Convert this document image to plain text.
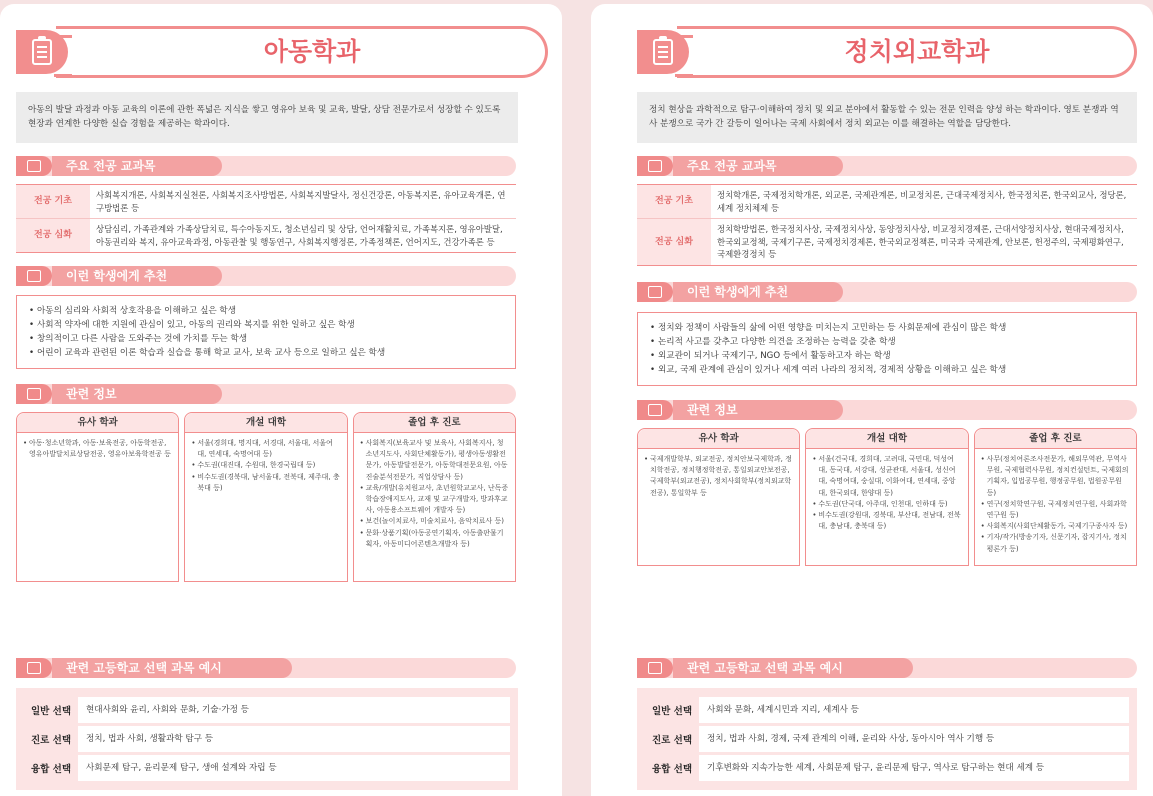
아동학과
아동의 발달 과정과 아동 교육의 이론에 관한 폭넓은 지식을 쌓고 영유아 보육 및 교육, 발달, 상담 전문가로서 성장할 수 있도록 현장과 연계한 다양한 실습 경험을 제공하는 학과이다.
주요 전공 교과목
전공 기초	사회복지개론, 사회복지실천론, 사회복지조사방법론, 사회복지발달사, 정신건강론, 아동복지론, 유아교육개론, 연구방법론 등
전공 심화	상담심리, 가족관계와 가족상담치료, 특수아동지도, 청소년심리 및 상담, 언어재활치료, 가족복지론, 영유아발달, 아동권리와 복지, 유아교육과정, 아동관찰 및 행동연구, 사회복지행정론, 가족정책론, 언어지도, 건강가족론 등
이런 학생에게 추천
• 아동의 심리와 사회적 상호작용을 이해하고 싶은 학생
• 사회적 약자에 대한 지원에 관심이 있고, 아동의 권리와 복지를 위한 일하고 싶은 학생
• 창의적이고 다른 사람을 도와주는 것에 가치를 두는 학생
• 어린이 교육과 관련된 이론 학습과 실습을 통해 학교 교사, 보육 교사 등으로 일하고 싶은 학생
관련 정보
유사 학과
• 아동·청소년학과, 아동·보육전공, 아동학전공, 영유아발달치료상담전공, 영유아보육학전공 등
개설 대학
• 서울(경희대, 명지대, 서경대, 서울대, 서울여대, 연세대, 숙명여대 등)
• 수도권(대진대, 수원대, 한경국립대 등)
• 비수도권(경북대, 남서울대, 전북대, 제주대, 충북대 등)
졸업 후 진로
• 사회복지(보육교사 및 보육사, 사회복지사, 청소년지도사, 사회단체활동가), 평생아동생활전문가, 아동발달전문가, 아동학대전문요원, 아동진술분석전문가, 직업상담사 등)
• 교육/개발(유치원교사, 초년원학교교사, 난독증학습장애지도사, 교재 및 교구개발자, 방과후교사, 아동용소프트웨어 개발자 등)
• 보건(놀이치료사, 미술치료사, 음악치료사 등)
• 문화·상품기획(아동공연기획자, 아동출판물기획자, 아동미디어콘텐츠개발자 등)
관련 고등학교 선택 과목 예시
일반 선택	현대사회와 윤리, 사회와 문화, 기술·가정 등
진로 선택	정치, 법과 사회, 생활과학 탐구 등
융합 선택	사회문제 탐구, 윤리문제 탐구, 생애 설계와 자립 등
정치외교학과
정치 현상을 과학적으로 탐구·이해하여 정치 및 외교 분야에서 활동할 수 있는 전문 인력을 양성 하는 학과이다. 영토 분쟁과 역사 분쟁으로 국가 간 갈등이 일어나는 국제 사회에서 정치 외교는 이를 해결하는 역할을 담당한다.
주요 전공 교과목
전공 기초	정치학개론, 국제정치학개론, 외교론, 국제관계론, 비교정치론, 근대국제정치사, 한국정치론, 한국외교사, 정당론, 세계 정치체제 등
전공 심화	정치학방법론, 한국정치사상, 국제정치사상, 동양정치사상, 비교정치경제론, 근대서양정치사상, 현대국제정치사, 한국외교정책, 국제기구론, 국제정치경제론, 한국외교정책론, 미국과 국제관계, 안보론, 헌정주의, 국제평화연구, 국제환경정치 등
이런 학생에게 추천
• 정치와 정책이 사람들의 삶에 어떤 영향을 미치는지 고민하는 등 사회문제에 관심이 많은 학생
• 논리적 사고를 갖추고 다양한 의견을 조정하는 능력을 갖춘 학생
• 외교관이 되거나 국제기구, NGO 등에서 활동하고자 하는 학생
• 외교, 국제 관계에 관심이 있거나 세계 여러 나라의 정치적, 경제적 상황을 이해하고 싶은 학생
관련 정보
유사 학과
• 국제개발학부, 외교전공, 정치안보국제학과, 정치학전공, 정치행정학전공, 통일외교안보전공, 국제학부(외교전공), 정치사회학부(정치외교학전공), 통일학부 등
개설 대학
• 서울(건국대, 경희대, 고려대, 국민대, 덕성여대, 동국대, 서강대, 성균관대, 서울대, 성신여대, 숙명여대, 숭실대, 이화여대, 연세대, 중앙대, 한국외대, 한양대 등)
• 수도권(단국대, 아주대, 인천대, 인하대 등)
• 비수도권(강원대, 경북대, 부산대, 전남대, 전북대, 충남대, 충북대 등)
졸업 후 진로
• 사무(정치여론조사전문가, 해외무역관, 무역사무원, 국제협력사무원, 정치컨설턴트, 국제회의기획자, 입법공무원, 행정공무원, 법원공무원 등)
• 연구(정치학연구원, 국제정치연구원, 사회과학연구원 등)
• 사회복지(사회단체활동가, 국제기구종사자 등)
• 기자/작가(방송기자, 신문기자, 잡지기사, 정치평론가 등)
관련 고등학교 선택 과목 예시
일반 선택	사회와 문화, 세계시민과 지리, 세계사 등
진로 선택	정치, 법과 사회, 경제, 국제 관계의 이해, 윤리와 사상, 동아시아 역사 기행 등
융합 선택	기후변화와 지속가능한 세계, 사회문제 탐구, 윤리문제 탐구, 역사로 탐구하는 현대 세계 등
